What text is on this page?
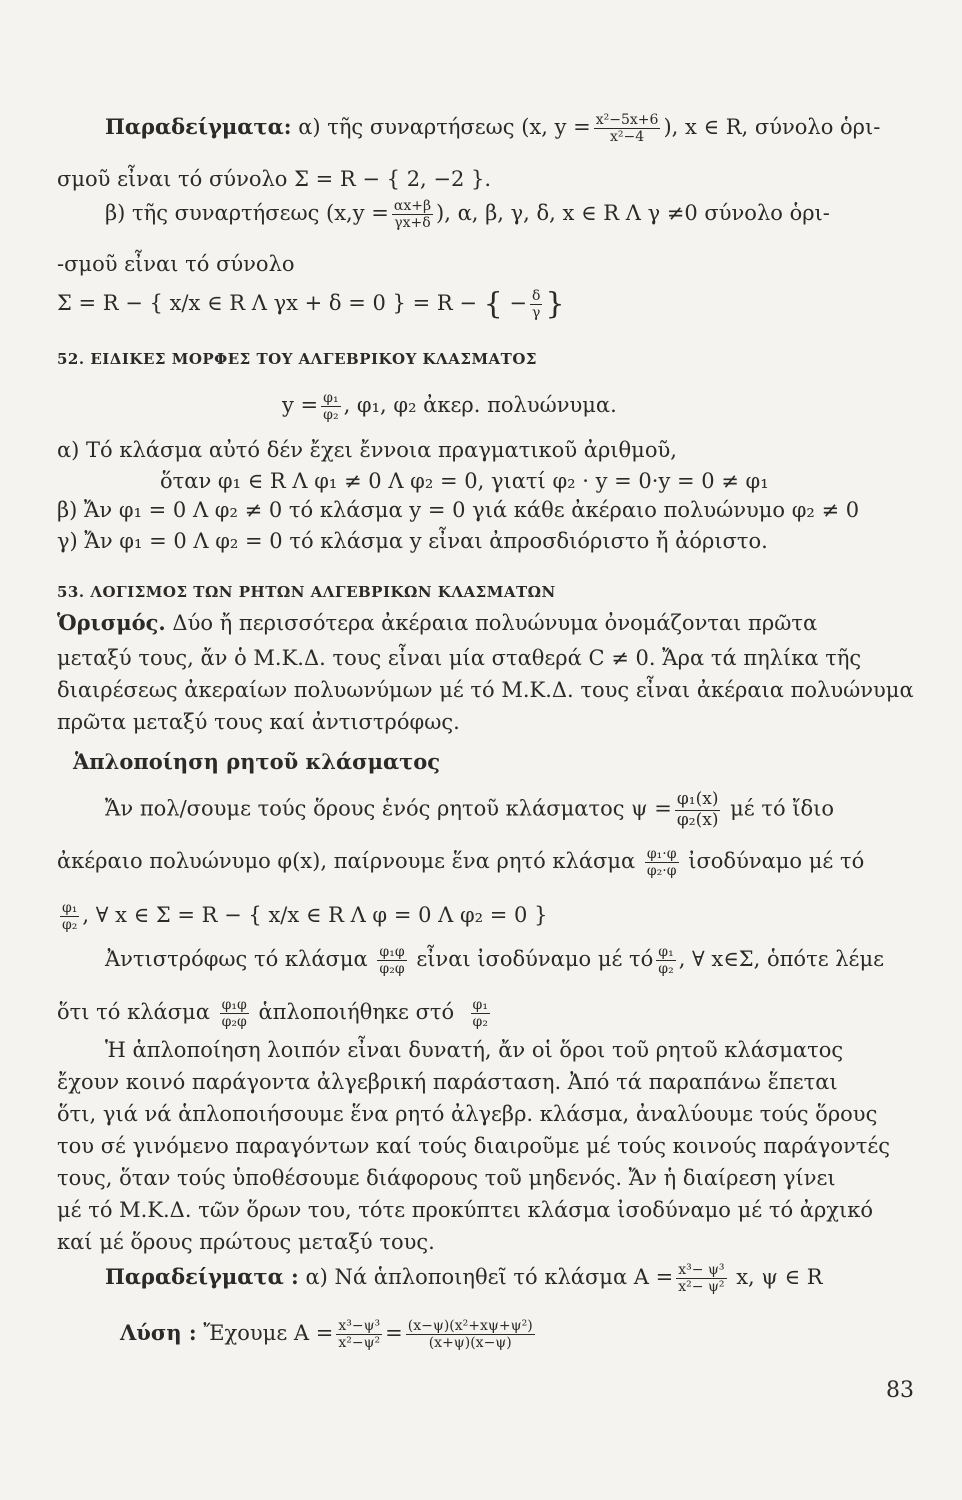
Παραδείγματα: α) τῆς συναρτήσεως (x, $y = \frac{\text{x²−5x+6}}{\text{x²−4}}$ ), x ∈ R, σύνολο ὁρι-
σμοῦ εἶναι τό σύνολο Σ = R − { 2, −2 }.
β) τῆς συναρτήσεως ($x,y = \frac{\alpha x+\beta}{\gamma x+\delta}$ ), α, β, γ, δ, x ∈ R Λ γ ≠0 σύνολο ὁρι-
-σμοῦ εἶναι τό σύνολο
Σ = R − { x/x ∈ R Λ γx + δ = 0 } = R − { − $\frac{\delta}{\gamma}$ }
52. ΕΙΔΙΚΕΣ ΜΟΡΦΕΣ ΤΟΥ ΑΛΓΕΒΡΙΚΟΥ ΚΛΑΣΜΑΤΟΣ
$y = \frac{\text{φ₁}}{\text{φ₂}}$ , φ₁, φ₂ ἀκερ. πολυώνυμα.
α) Τό κλάσμα αὐτό δέν ἔχει ἔννοια πραγματικοῦ ἀριθμοῦ,
ὅταν φ₁ ∈ R Λ φ₁ ≠ 0 Λ φ₂ = 0, γιατί φ₂ · y = 0·y = 0 ≠ φ₁
β) Ἄν φ₁ = 0 Λ φ₂ ≠ 0 τό κλάσμα y = 0 γιά κάθε ἀκέραιο πολυώνυμο φ₂ ≠ 0
γ) Ἄν φ₁ = 0 Λ φ₂ = 0 τό κλάσμα y εἶναι ἀπροσδιόριστο ἤ ἀόριστο.
53. ΛΟΓΙΣΜΟΣ ΤΩΝ ΡΗΤΩΝ ΑΛΓΕΒΡΙΚΩΝ ΚΛΑΣΜΑΤΩΝ
Ὁρισμός. Δύο ἤ περισσότερα ἀκέραια πολυώνυμα ὀνομάζονται πρῶτα
μεταξύ τους, ἄν ὁ Μ.Κ.Δ. τους εἶναι μία σταθερά C ≠ 0. Ἄρα τά πηλίκα τῆς
διαιρέσεως ἀκεραίων πολυωνύμων μέ τό Μ.Κ.Δ. τους εἶναι ἀκέραια πολυώνυμα
πρῶτα μεταξύ τους καί ἀντιστρόφως.
Ἁπλοποίηση ρητοῦ κλάσματος
Ἄν πολ/σουμε τούς ὅρους ἑνός ρητοῦ κλάσματος $\psi = \frac{\text{φ₁(x)}}{\text{φ₂(x)}}$ μέ τό ἴδιο
ἀκέραιο πολυώνυμο φ(x), παίρνουμε ἕνα ρητό κλάσμα $\frac{\text{φ₁·φ}}{\text{φ₂·φ}}$ ἰσοδύναμο μέ τό
$\frac{\text{φ₁}}{\text{φ₂}}$ , ∀ x ∈ Σ = R − { x/x ∈ R Λ φ = 0 Λ φ₂ = 0 }
Ἀντιστρόφως τό κλάσμα $\frac{\text{φ₁φ}}{\text{φ₂φ}}$ εἶναι ἰσοδύναμο μέ τό $\frac{\text{φ₁}}{\text{φ₂}}$ , ∀ x∈Σ, ὁπότε λέμε
ὅτι τό κλάσμα $\frac{\text{φ₁φ}}{\text{φ₂φ}}$ ἁπλοποιήθηκε στό $\frac{\text{φ₁}}{\text{φ₂}}$
Ἡ ἁπλοποίηση λοιπόν εἶναι δυνατή, ἄν οἱ ὅροι τοῦ ρητοῦ κλάσματος
ἔχουν κοινό παράγοντα ἀλγεβρική παράσταση. Ἀπό τά παραπάνω ἕπεται
ὅτι, γιά νά ἁπλοποιήσουμε ἕνα ρητό ἀλγεβρ. κλάσμα, ἀναλύουμε τούς ὅρους
του σέ γινόμενο παραγόντων καί τούς διαιροῦμε μέ τούς κοινούς παράγοντές
τους, ὅταν τούς ὑποθέσουμε διάφορους τοῦ μηδενός. Ἄν ἡ διαίρεση γίνει
μέ τό Μ.Κ.Δ. τῶν ὅρων του, τότε προκύπτει κλάσμα ἰσοδύναμο μέ τό ἀρχικό
καί μέ ὅρους πρώτους μεταξύ τους.
Παραδείγματα : α) Νά ἁπλοποιηθεῖ τό κλάσμα $A = \frac{\text{x³− ψ³}}{\text{x²− ψ²}} x$, ψ ∈ R
Λύση : Ἔχουμε $A = \frac{\text{x³−ψ³}}{\text{x²−ψ²}} = \frac{\text{(x−ψ)(x²+xψ+ψ²)}}{(x+\psi)(x-\psi)}$
83
